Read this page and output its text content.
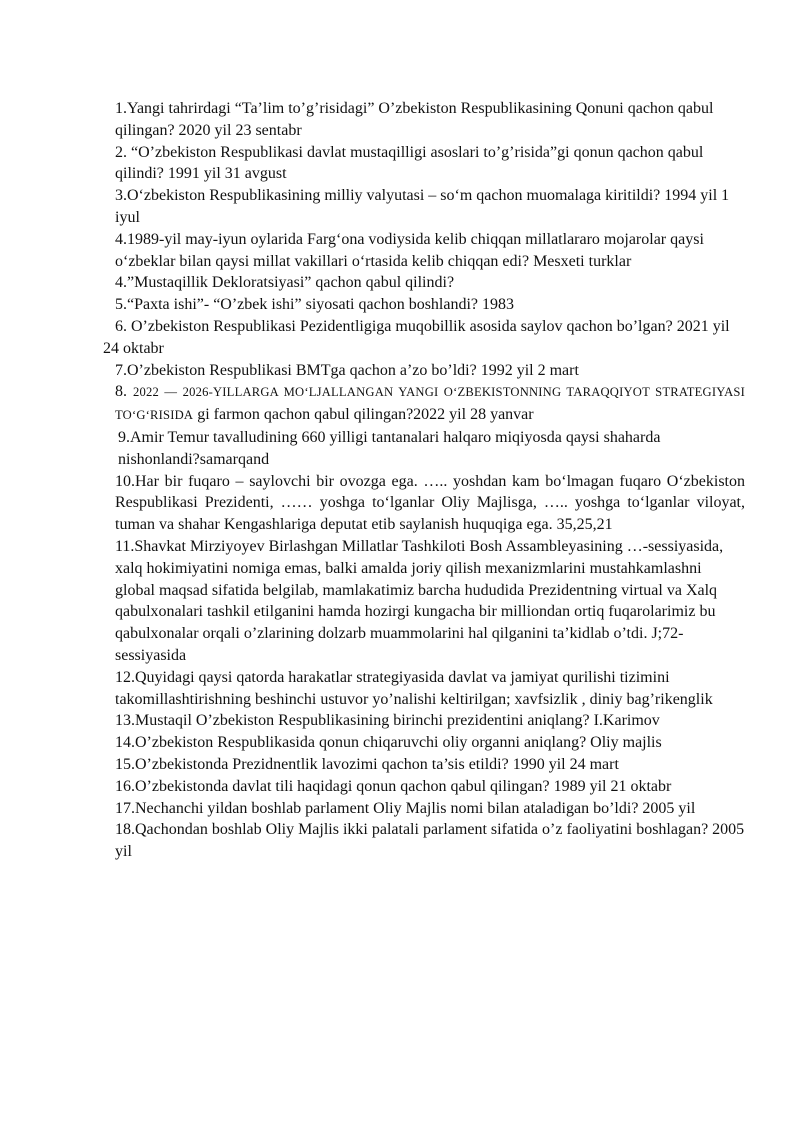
1.Yangi tahrirdagi “Ta’lim to’g’risidagi” O’zbekiston Respublikasining Qonuni qachon qabul qilingan? 2020 yil 23 sentabr

2. “O’zbekiston Respublikasi davlat mustaqilligi asoslari to’g’risida”gi qonun qachon qabul qilindi? 1991 yil 31 avgust

3.O‘zbekiston Respublikasining milliy valyutasi – so‘m qachon muomalaga kiritildi? 1994 yil 1 iyul

4.1989-yil may-iyun oylarida Farg‘ona vodiysida kelib chiqqan millatlararo mojarolar qaysi o‘zbeklar bilan qaysi millat vakillari o‘rtasida kelib chiqqan edi? Mesxeti turklar

4.”Mustaqillik Dekloratsiyasi” qachon qabul qilindi?

5.“Paxta ishi”- “O’zbek ishi” siyosati qachon boshlandi? 1983

6. O’zbekiston Respublikasi Pezidentligiga muqobillik asosida saylov qachon bo’lgan? 2021 yil 24 oktabr

7.O’zbekiston Respublikasi BMTga qachon a’zo bo’ldi? 1992 yil 2 mart

8. 2022 — 2026-YILLARGA MO‘LJALLANGAN YANGI O‘ZBEKISTONNING TARAQQIYOT STRATEGIYASI TO‘G‘RISIDA gi farmon qachon qabul qilingan?2022 yil 28 yanvar

9.Amir Temur tavalludining 660 yilligi tantanalari halqaro miqiyosda qaysi shaharda nishonlandi?samarqand

10.Har bir fuqaro – saylovchi bir ovozga ega. ….. yoshdan kam bo‘lmagan fuqaro O‘zbekiston Respublikasi Prezidenti, …… yoshga to‘lganlar Oliy Majlisga, ….. yoshga to‘lganlar viloyat, tuman va shahar Kengashlariga deputat etib saylanish huquqiga ega. 35,25,21

11.Shavkat Mirziyoyev Birlashgan Millatlar Tashkiloti Bosh Assambleyasining …-sessiyasida, xalq hokimiyatini nomiga emas, balki amalda joriy qilish mexanizmlarini mustahkamlashni global maqsad sifatida belgilab, mamlakatimiz barcha hududida Prezidentning virtual va Xalq qabulxonalari tashkil etilganini hamda hozirgi kungacha bir milliondan ortiq fuqarolarimiz bu qabulxonalar orqali o’zlarining dolzarb muammolarini hal qilganini ta’kidlab o’tdi. J;72-sessiyasida

12.Quyidagi qaysi qatorda harakatlar strategiyasida davlat va jamiyat qurilishi tizimini takomillashtirishning beshinchi ustuvor yo’nalishi keltirilgan; xavfsizlik , diniy bag’rikenglik

13.Mustaqil O’zbekiston Respublikasining birinchi prezidentini aniqlang? I.Karimov

14.O’zbekiston Respublikasida qonun chiqaruvchi oliy organni aniqlang? Oliy majlis

15.O’zbekistonda Prezidnentlik lavozimi qachon ta’sis etildi? 1990 yil 24 mart

16.O’zbekistonda davlat tili haqidagi qonun qachon qabul qilingan? 1989 yil 21 oktabr

17.Nechanchi yildan boshlab parlament Oliy Majlis nomi bilan ataladigan bo’ldi? 2005 yil

18.Qachondan boshlab Oliy Majlis ikki palatali parlament sifatida o’z faoliyatini boshlagan? 2005 yil
